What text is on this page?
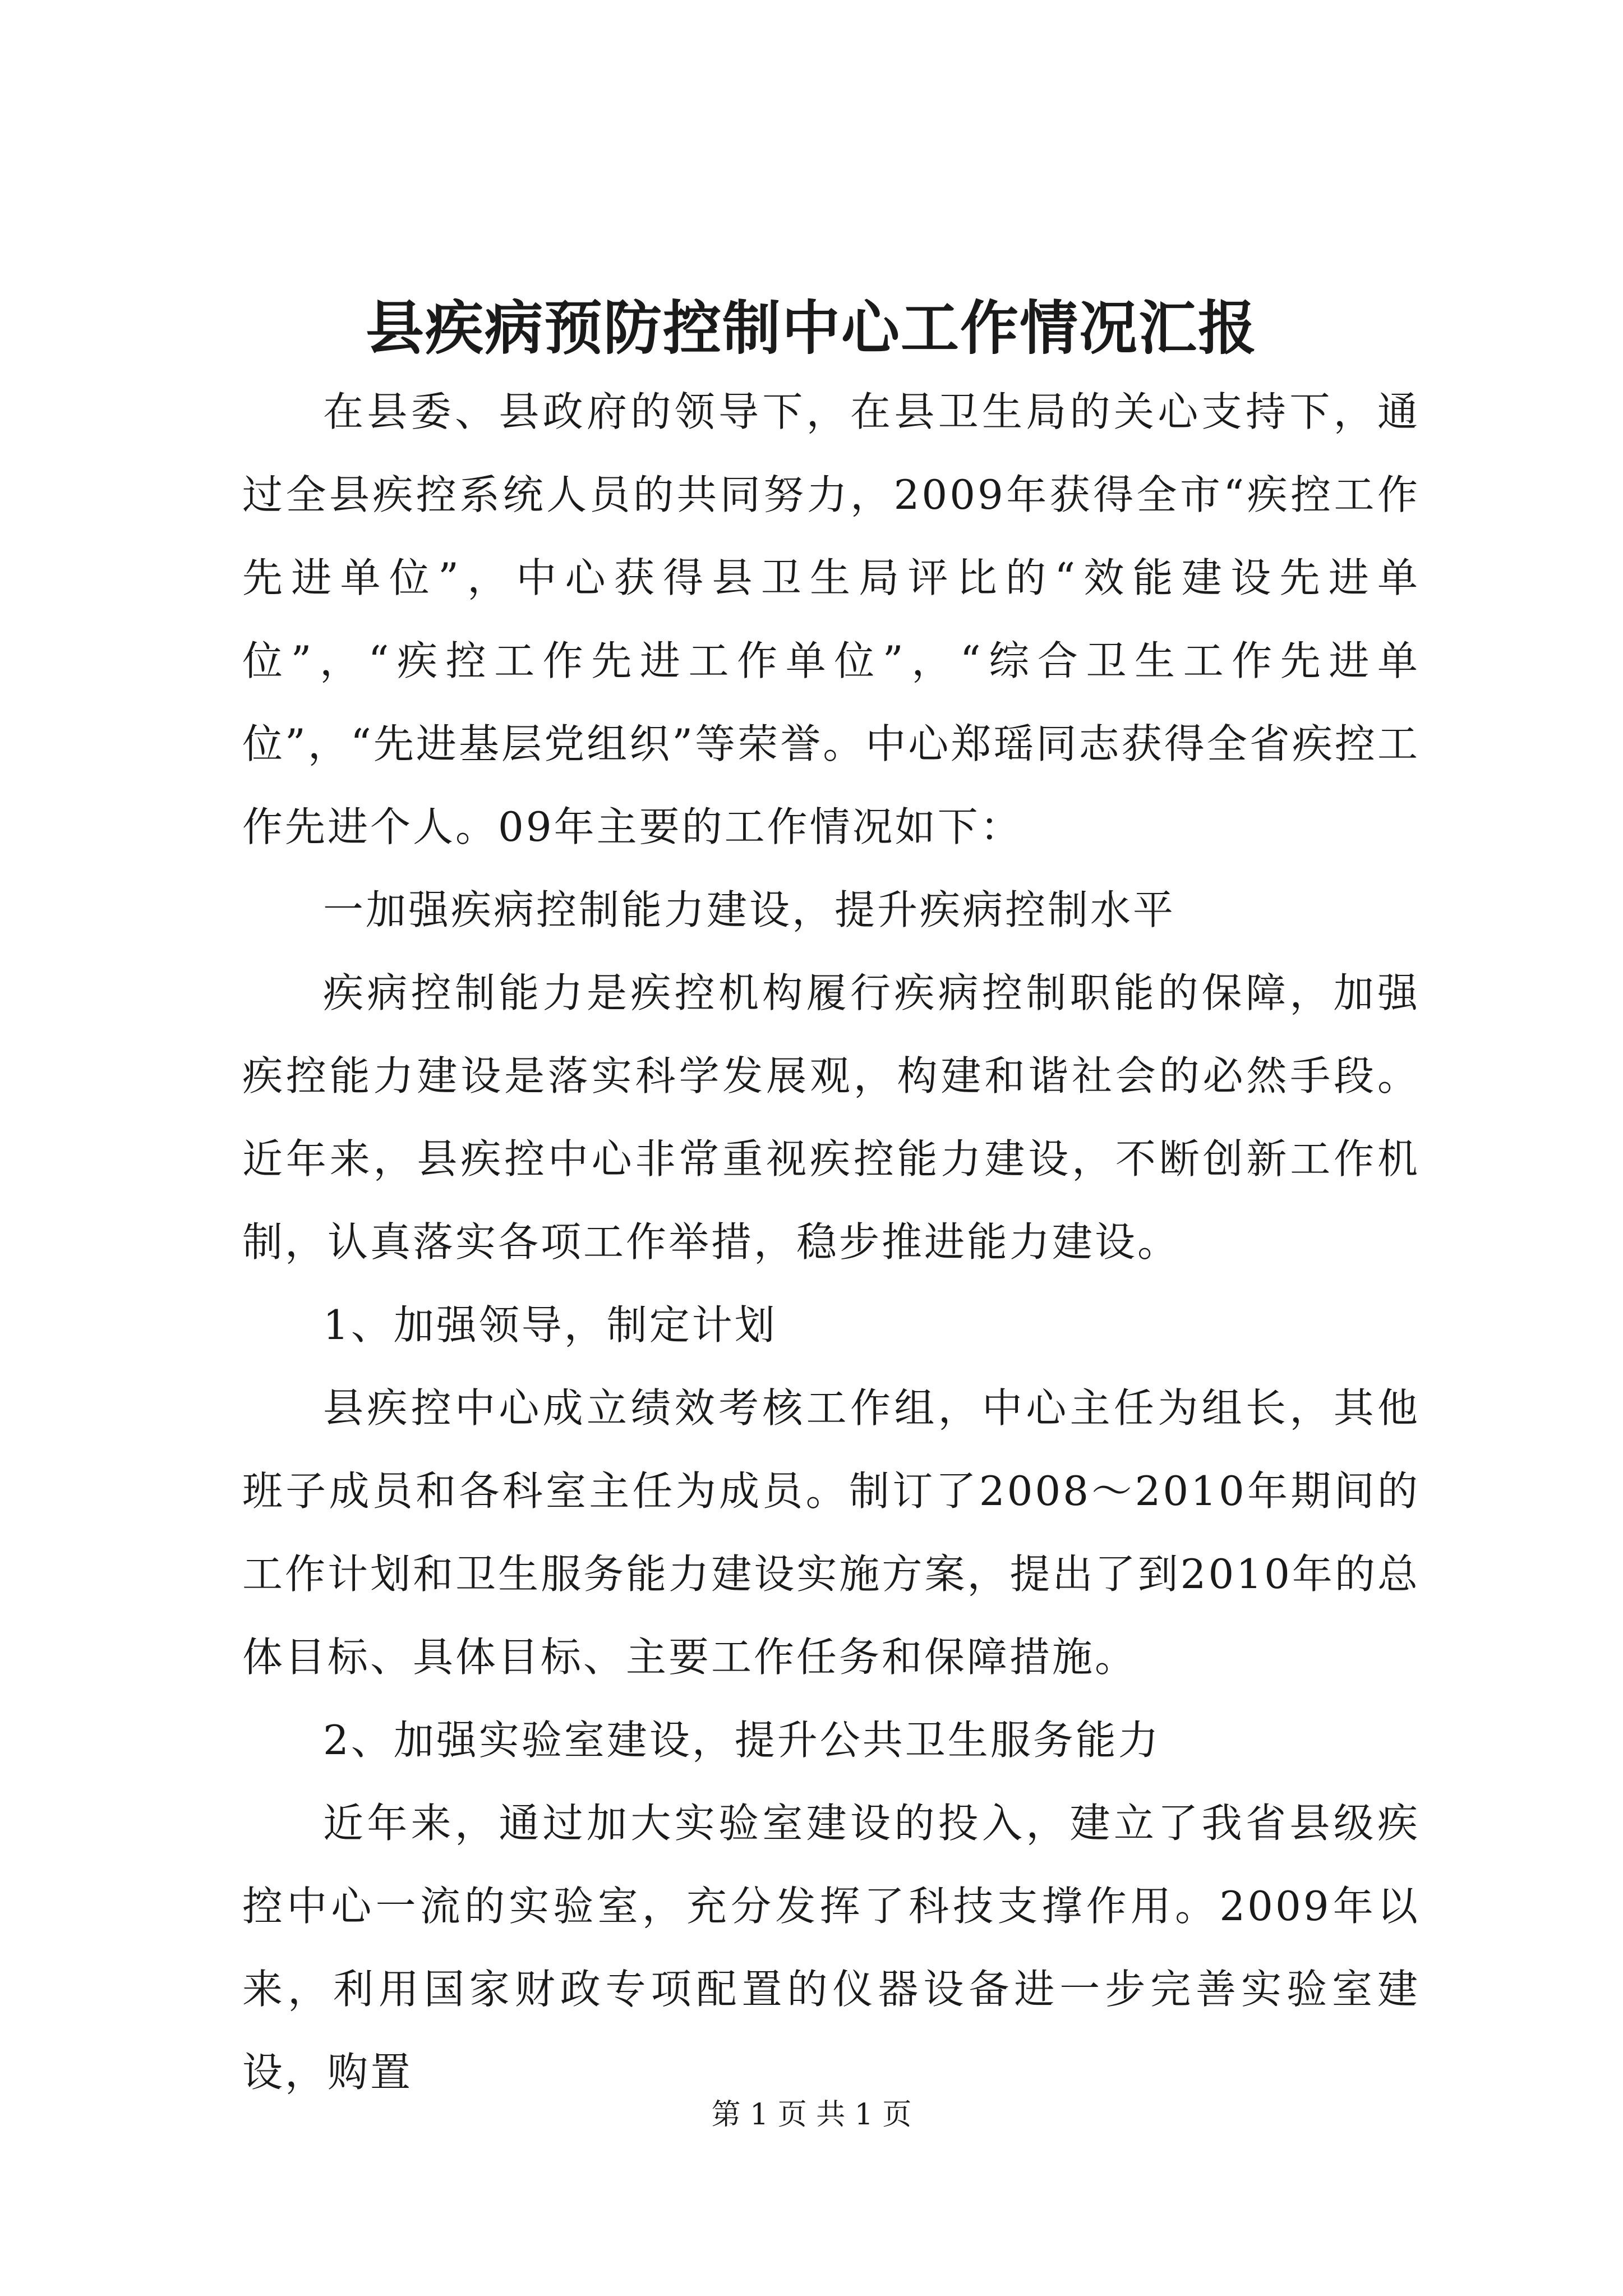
县疾病预防控制中心工作情况汇报

在县委、县政府的领导下，在县卫生局的关心支持下，通过全县疾控系统人员的共同努力，2009年获得全市“疾控工作先进单位”，中心获得县卫生局评比的“效能建设先进单位”，“疾控工作先进工作单位”，“综合卫生工作先进单位”，“先进基层党组织”等荣誉。中心郑瑶同志获得全省疾控工作先进个人。09年主要的工作情况如下：

一加强疾病控制能力建设，提升疾病控制水平

疾病控制能力是疾控机构履行疾病控制职能的保障，加强疾控能力建设是落实科学发展观，构建和谐社会的必然手段。近年来，县疾控中心非常重视疾控能力建设，不断创新工作机制，认真落实各项工作举措，稳步推进能力建设。

1、加强领导，制定计划

县疾控中心成立绩效考核工作组，中心主任为组长，其他班子成员和各科室主任为成员。制订了2008～2010年期间的工作计划和卫生服务能力建设实施方案，提出了到2010年的总体目标、具体目标、主要工作任务和保障措施。

2、加强实验室建设，提升公共卫生服务能力

近年来，通过加大实验室建设的投入，建立了我省县级疾控中心一流的实验室，充分发挥了科技支撑作用。2009年以来，利用国家财政专项配置的仪器设备进一步完善实验室建设，购置

第 1 页 共 1 页
